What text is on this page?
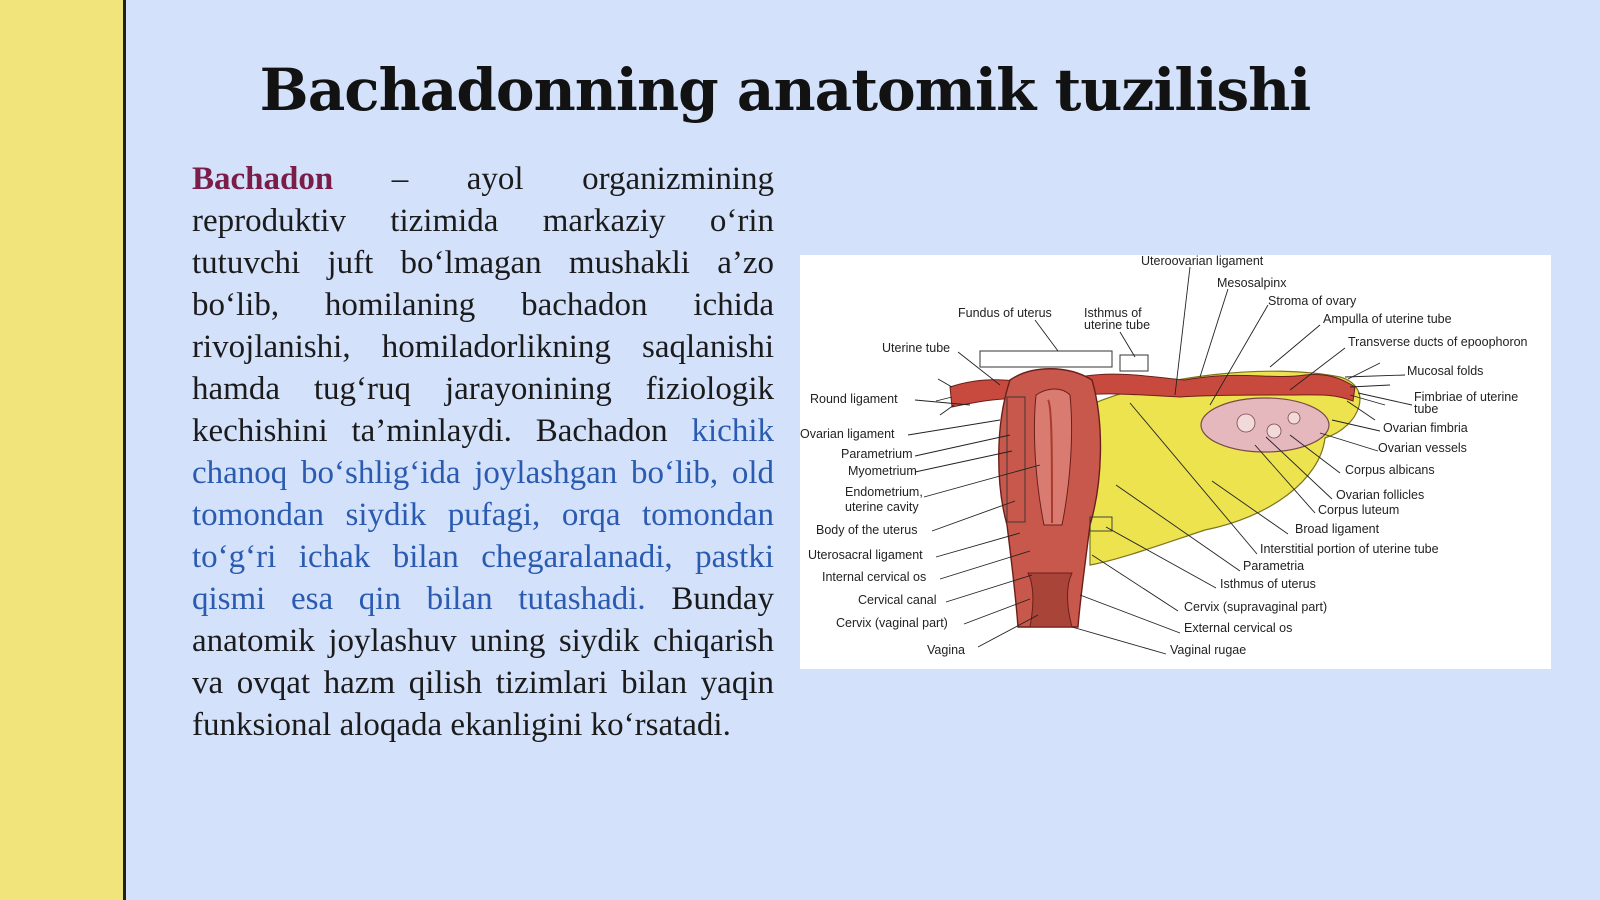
Bachadonning anatomik tuzilishi

Bachadon – ayol organizmining reproduktiv tizimida markaziy o‘rin tutuvchi juft bo‘lmagan mushakli a’zo bo‘lib, homilaning bachadon ichida rivojlanishi, homiladorlikning saqlanishi hamda tug‘ruq jarayonining fiziologik kechishini ta’minlaydi. Bachadon kichik chanoq bo‘shlig‘ida joylashgan bo‘lib, old tomondan siydik pufagi, orqa tomondan to‘g‘ri ichak bilan chegaralanadi, pastki qismi esa qin bilan tutashadi. Bunday anatomik joylashuv uning siydik chiqarish va ovqat hazm qilish tizimlari bilan yaqin funksional aloqada ekanligini ko‘rsatadi.

Uterine tube
Round ligament
Ovarian ligament
Parametrium
Myometrium
Endometrium,
uterine cavity
Body of the uterus
Uterosacral ligament
Internal cervical os
Cervical canal
Cervix (vaginal part)
Vagina
Fundus of uterus	Isthmus of
uterine tube
Uteroovarian ligament
Mesosalpinx
Stroma of ovary
Ampulla of uterine tube
Transverse ducts of epoophoron
Mucosal folds
Fimbriae of uterine
tube
Ovarian fimbria
Ovarian vessels
Corpus albicans
Ovarian follicles
Corpus luteum
Broad ligament
Interstitial portion of uterine tube
Parametria
Isthmus of uterus
Cervix (supravaginal part)
External cervical os
Vaginal rugae
